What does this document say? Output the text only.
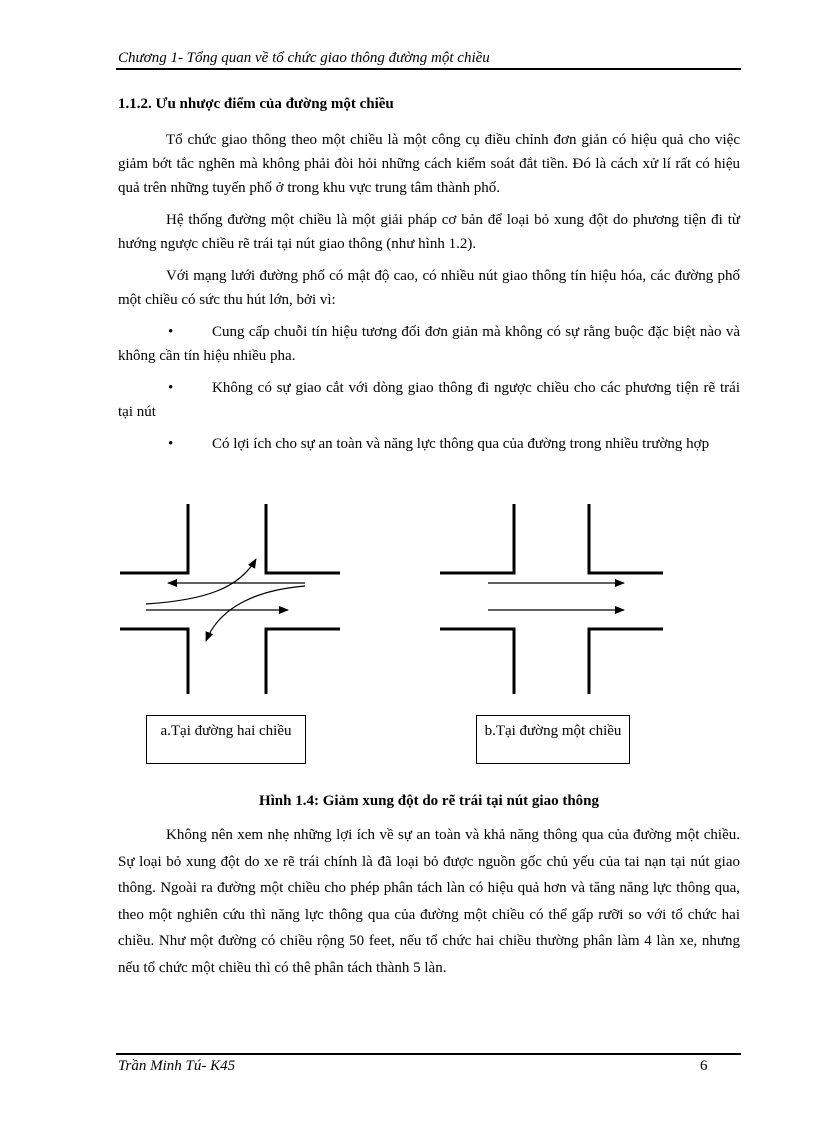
Chương 1- Tổng quan về tổ chức giao thông đường một chiều
1.1.2. Ưu nhược điểm của đường một chiều

Tổ chức giao thông theo một chiều là một công cụ điều chỉnh đơn giản có hiệu quả cho việc giảm bớt tắc nghẽn mà không phải đòi hỏi những cách kiểm soát đắt tiền. Đó là cách xử lí rất có hiệu quả trên những tuyến phố ở trong khu vực trung tâm thành phố.

Hệ thống đường một chiều là một giải pháp cơ bản để loại bỏ xung đột do phương tiện đi từ hướng ngược chiều rẽ trái tại nút giao thông (như hình 1.2).

Với mạng lưới đường phố có mật độ cao, có nhiều nút giao thông tín hiệu hóa, các đường phố một chiều có sức thu hút lớn, bởi vì:

•	Cung cấp chuỗi tín hiệu tương đối đơn giản mà không có sự rằng buộc đặc biệt nào và không cần tín hiệu nhiều pha.
•	Không có sự giao cắt với dòng giao thông đi ngược chiều cho các phương tiện rẽ trái tại nút
•	Có lợi ích cho sự an toàn và năng lực thông qua của đường trong nhiều trường hợp
a.Tại đường hai chiều	b.Tại đường một chiều
Hình 1.4: Giảm xung đột do rẽ trái tại nút giao thông

Không nên xem nhẹ những lợi ích về sự an toàn và khả năng thông qua của đường một chiều. Sự loại bỏ xung đột do xe rẽ trái chính là đã loại bỏ được nguồn gốc chủ yếu của tai nạn tại nút giao thông. Ngoài ra đường một chiều cho phép phân tách làn có hiệu quả hơn và tăng năng lực thông qua, theo một nghiên cứu thì năng lực thông qua của đường một chiều có thể gấp rưỡi so với tổ chức hai chiều. Như một đường có chiều rộng 50 feet, nếu tổ chức hai chiều thường phân làm 4 làn xe, nhưng nếu tổ chức một chiều thì có thê phân tách thành 5 làn.

Trần Minh Tú- K45	6
